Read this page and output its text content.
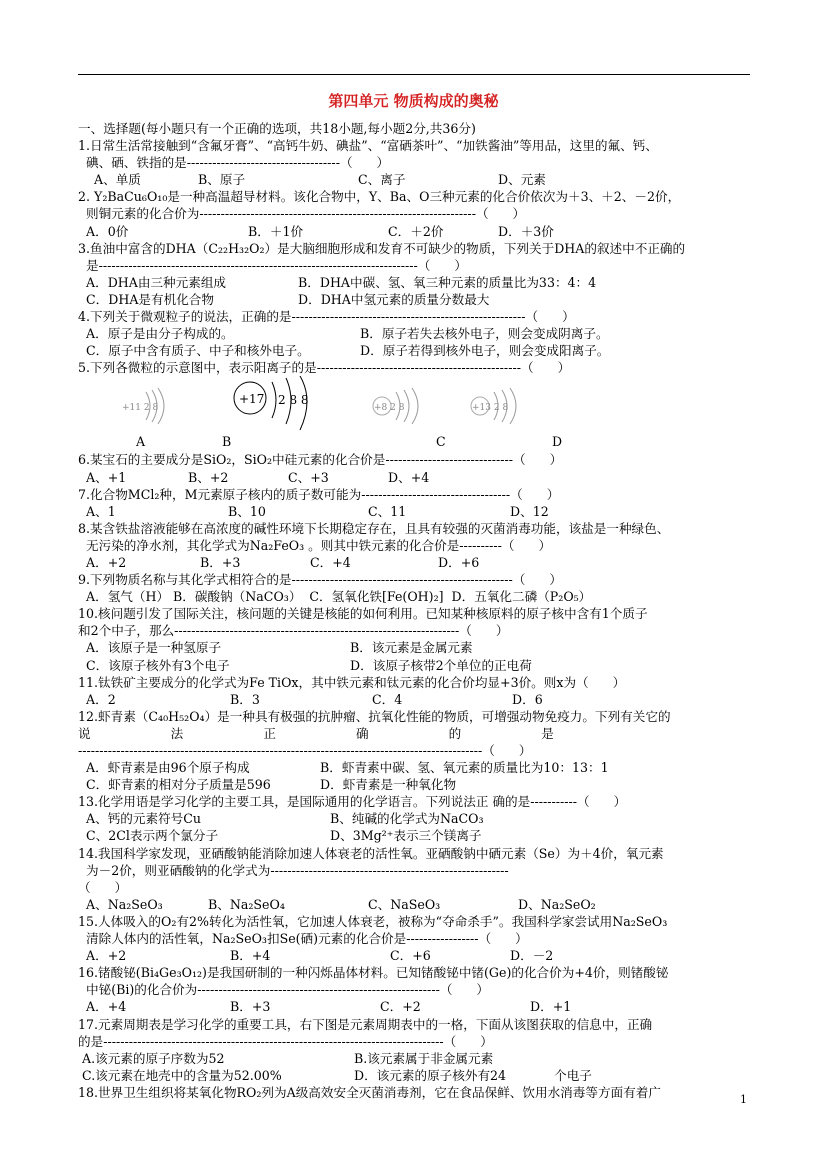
第四单元 物质构成的奥秘
一、选择题(每小题只有一个正确的选项，共18小题,每小题2分,共36分)
1.日常生活常接触到“含氟牙膏”、“高钙牛奶、碘盐”、“富硒茶叶”、“加铁酱油”等用品，这里的氟、钙、
碘、硒、铁指的是------------------------------------（      ）
A、单质	B、原子	C、离子	D、元素
2. Y₂BaCu₆O₁₀是一种高温超导材料。该化合物中，Y、Ba、O三种元素的化合价依次为＋3、＋2、－2价，
则铜元素的化合价为-----------------------------------------------------------------（      ）
A．0价	B．＋1价	C．＋2价	D．＋3价
3.鱼油中富含的DHA（C₂₂H₃₂O₂）是大脑细胞形成和发育不可缺少的物质，下列关于DHA的叙述中不正确的
是---------------------------------------------------------------------------（      ）
A．DHA由三种元素组成	B．DHA中碳、氢、氧三种元素的质量比为33：4：4
C．DHA是有机化合物	D．DHA中氢元素的质量分数最大
4.下列关于微观粒子的说法，正确的是-------------------------------------------------------（      ）
A．原子是由分子构成的。	B．原子若失去核外电子，则会变成阴离子。
C．原子中含有质子、中子和核外电子。	D．原子若得到核外电子，则会变成阳离子。
5.下列各微粒的示意图中，表示阳离子的是------------------------------------------------（      ）
+11 2 8
+17 2 8 8
+8 2 8	+13 2 8
A	B	C	D
6.某宝石的主要成分是SiO₂，SiO₂中硅元素的化合价是------------------------------（      ）
A、+1	B、+2	C、+3	D、+4
7.化合物MCl₂种，M元素原子核内的质子数可能为-----------------------------------（      ）
A、1	B、10	C、11	D、12
8.某含铁盐溶液能够在高浓度的碱性环境下长期稳定存在，且具有较强的灭菌消毒功能，该盐是一种绿色、
无污染的净水剂，其化学式为Na₂FeO₃ 。则其中铁元素的化合价是----------（      ）
A．+2	B．+3	C．+4	D．+6
9.下列物质名称与其化学式相符合的是----------------------------------------------------（      ）
A．氢气（H） B．碳酸钠（NaCO₃）  C．氢氧化铁[Fe(OH)₂]  D．五氧化二磷（P₂O₅）
10.核问题引发了国际关注，核问题的关键是核能的如何利用。已知某种核原料的原子核中含有1个质子
和2个中子，那么-------------------------------------------------------------------（      ）
A．该原子是一种氢原子	B．该元素是金属元素
C．该原子核外有3个电子	D．该原子核带2个单位的正电荷
11.钛铁矿主要成分的化学式为Fe TiOx，其中铁元素和钛元素的化合价均显+3价。则x为（      ）
A．2	B．3	C．4	D．6
12.虾青素（C₄₀H₅₂O₄）是一种具有极强的抗肿瘤、抗氧化性能的物质，可增强动物免疫力。下列有关它的
说                    法                    正                    确                    的                    是
-----------------------------------------------------------------------------------------------（      ）
A．虾青素是由96个原子构成	B．虾青素中碳、氢、氧元素的质量比为10：13：1
C．虾青素的相对分子质量是596	D．虾青素是一种氧化物
13.化学用语是学习化学的主要工具，是国际通用的化学语言。下列说法正 确的是-----------（      ）
A、钙的元素符号Cu	B、纯碱的化学式为NaCO₃
C、2Cl表示两个氯分子	D、3Mg²⁺表示三个镁离子
14.我国科学家发现，亚硒酸钠能消除加速人体衰老的活性氧。亚硒酸钠中硒元素（Se）为＋4价，氧元素
为－2价，则亚硒酸钠的化学式为--------------------------------------------------------
（      ）
A、Na₂SeO₃	B、Na₂SeO₄	C、NaSeO₃	D、Na₂SeO₂
15.人体吸入的O₂有2%转化为活性氧，它加速人体衰老，被称为“夺命杀手”。我国科学家尝试用Na₂SeO₃
清除人体内的活性氧，Na₂SeO₃扣Se(硒)元素的化合价是-----------------（      ）
A．+2	B．+4	C．+6	D．－2
16.锗酸铋(Bi₄Ge₃O₁₂)是我国研制的一种闪烁晶体材料。已知锗酸铋中锗(Ge)的化合价为+4价，则锗酸铋
中铋(Bi)的化合价为---------------------------------------------------------（      ）
A．+4	B．+3	C．+2	D．+1
17.元素周期表是学习化学的重要工具，右下图是元素周期表中的一格，下面从该图获取的信息中，正确
的是--------------------------------------------------------------------------------（      ）
A.该元素的原子序数为52	B.该元素属于非金属元素
C.该元素在地壳中的含量为52.00%	D．该元素的原子核外有24

	个电子
18.世界卫生组织将某氧化物RO₂列为A级高效安全灭菌消毒剂，它在食品保鲜、饮用水消毒等方面有着广	1
